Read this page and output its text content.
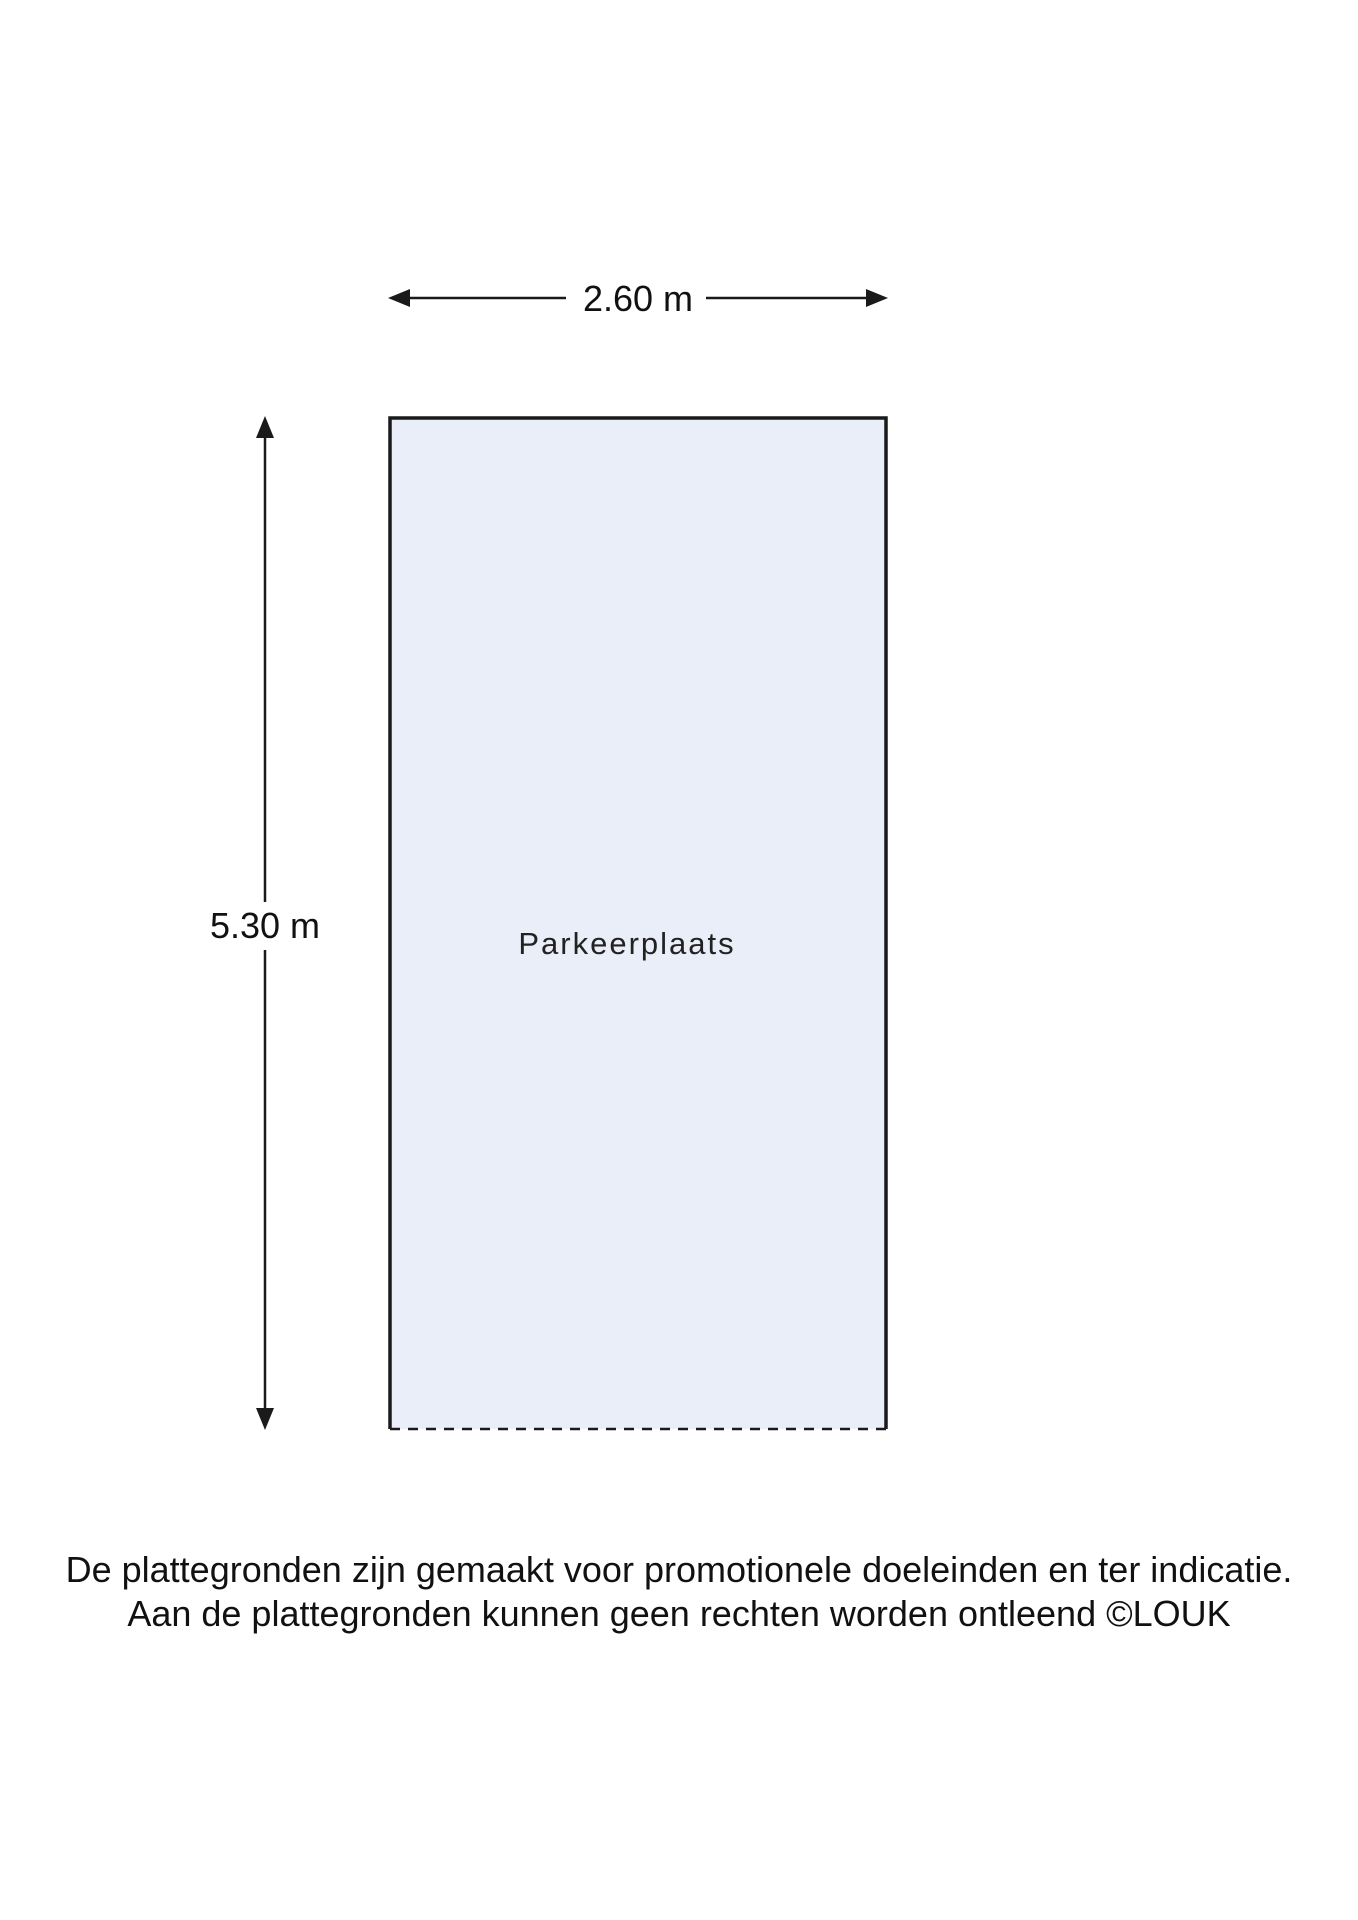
2.60 m
5.30 m	Parkeerplaats
De plattegronden zijn gemaakt voor promotionele doeleinden en ter indicatie.
Aan de plattegronden kunnen geen rechten worden ontleend ©LOUK
